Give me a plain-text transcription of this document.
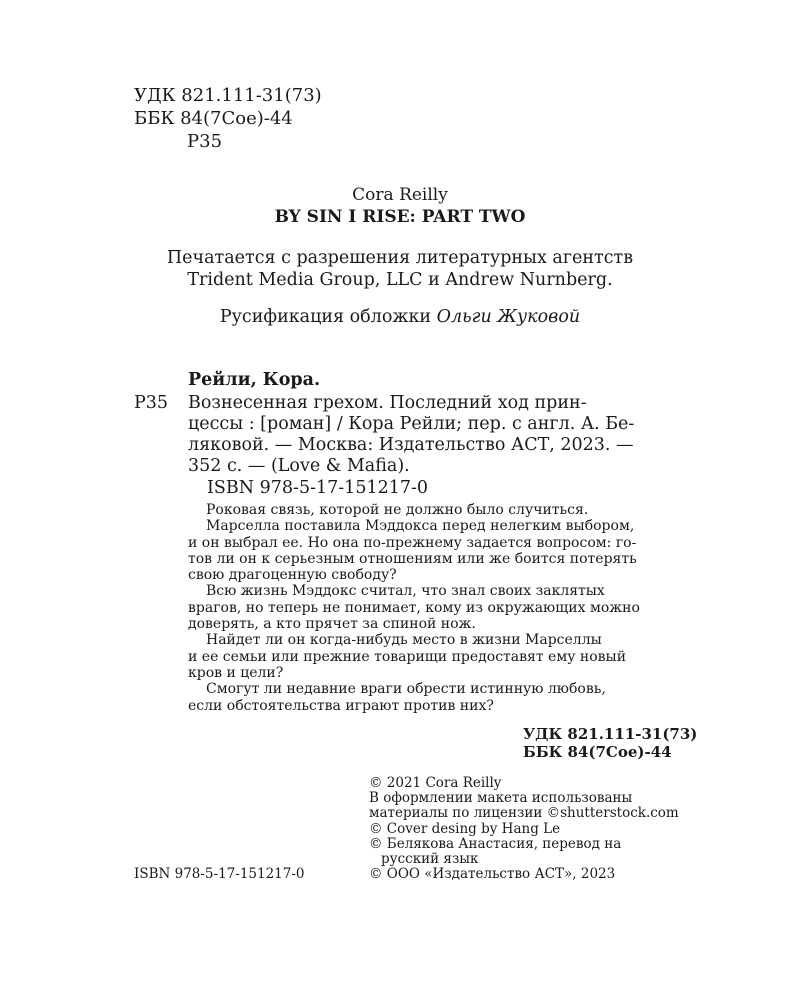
УДК 821.111-31(73)
ББК 84(7Сое)-44
Р35
Cora Reilly
BY SIN I RISE: PART TWO
Печатается с разрешения литературных агентств
Trident Media Group, LLC и Andrew Nurnberg.
Русификация обложки Ольги Жуковой
Рейли, Кора.
Р35 Вознесенная грехом. Последний ход прин-
цессы : [роман] / Кора Рейли; пер. с англ. А. Бе-
ляковой. — Москва: Издательство АСТ, 2023. —
352 с. — (Love & Mafia).
ISBN 978-5-17-151217-0
Роковая связь, которой не должно было случиться.
Марселла поставила Мэддокса перед нелегким выбором,
и он выбрал ее. Но она по-прежнему задается вопросом: го-
тов ли он к серьезным отношениям или же боится потерять
свою драгоценную свободу?
Всю жизнь Мэддокс считал, что знал своих заклятых
врагов, но теперь не понимает, кому из окружающих можно
доверять, а кто прячет за спиной нож.
Найдет ли он когда-нибудь место в жизни Марселлы
и ее семьи или прежние товарищи предоставят ему новый
кров и цели?
Смогут ли недавние враги обрести истинную любовь,
если обстоятельства играют против них?
УДК 821.111-31(73)
ББК 84(7Сое)-44
© 2021 Cora Reilly
В оформлении макета использованы
материалы по лицензии ©shutterstock.com
© Cover desing by Hang Le
© Белякова Анастасия, перевод на
русский язык
© ООО «Издательство АСТ», 2023
ISBN 978-5-17-151217-0
